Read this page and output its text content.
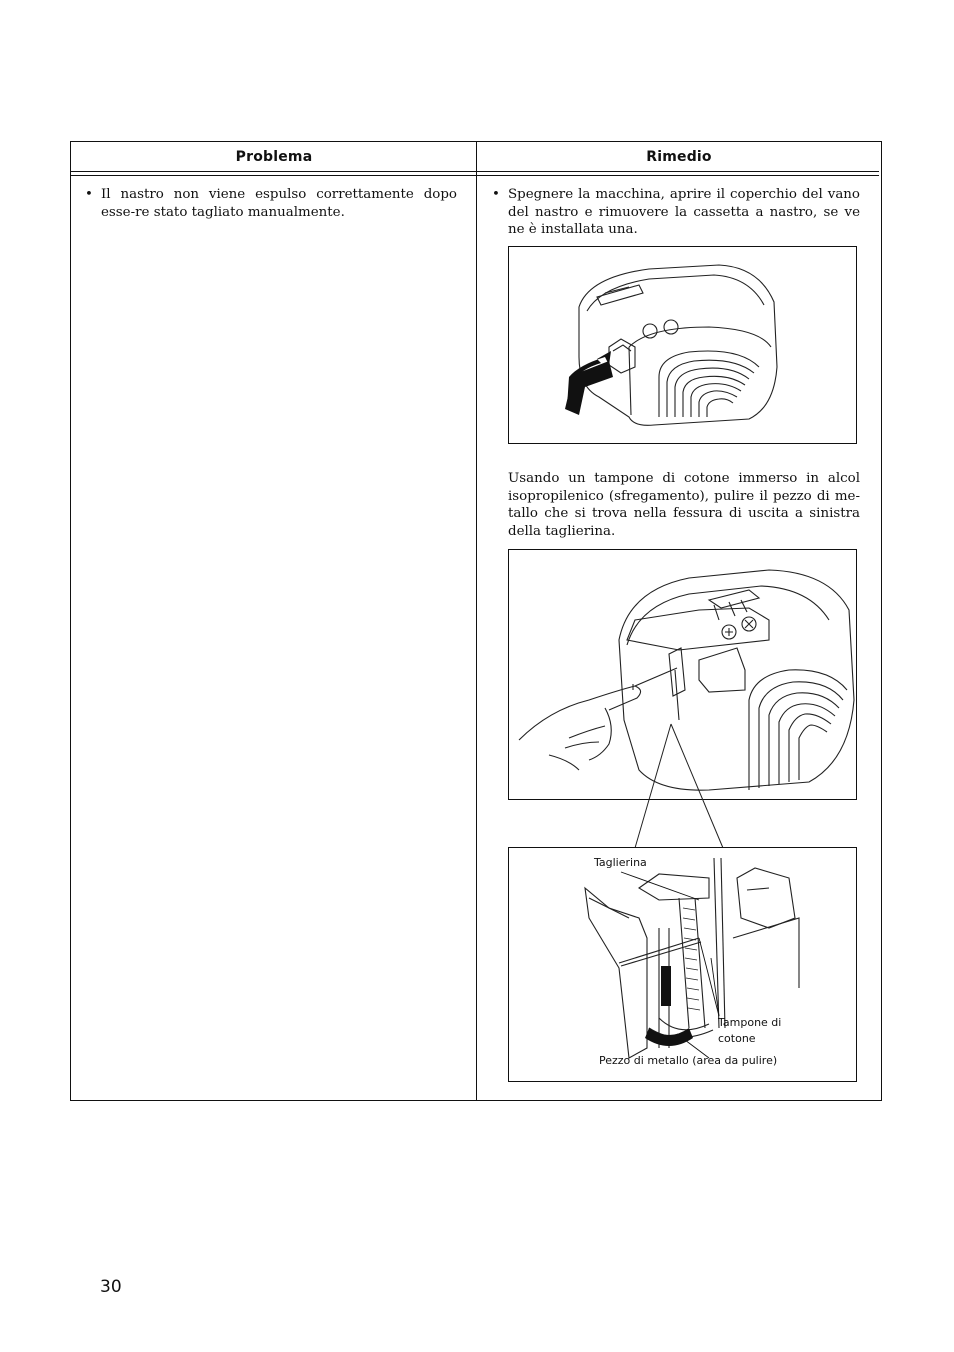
Problema	Rimedio
• Il nastro non viene espulso correttamente dopo esse-re stato tagliato manualmente.
• Spegnere la macchina, aprire il coperchio del vano del nastro e rimuovere la cassetta a nastro, se ve ne è installata una.
Usando un tampone di cotone immerso in alcol isopropilenico (sfregamento), pulire il pezzo di me-tallo che si trova nella fessura di uscita a sinistra della taglierina.
Taglierina
Tampone di
cotone
Pezzo di metallo (area da pulire)
30
